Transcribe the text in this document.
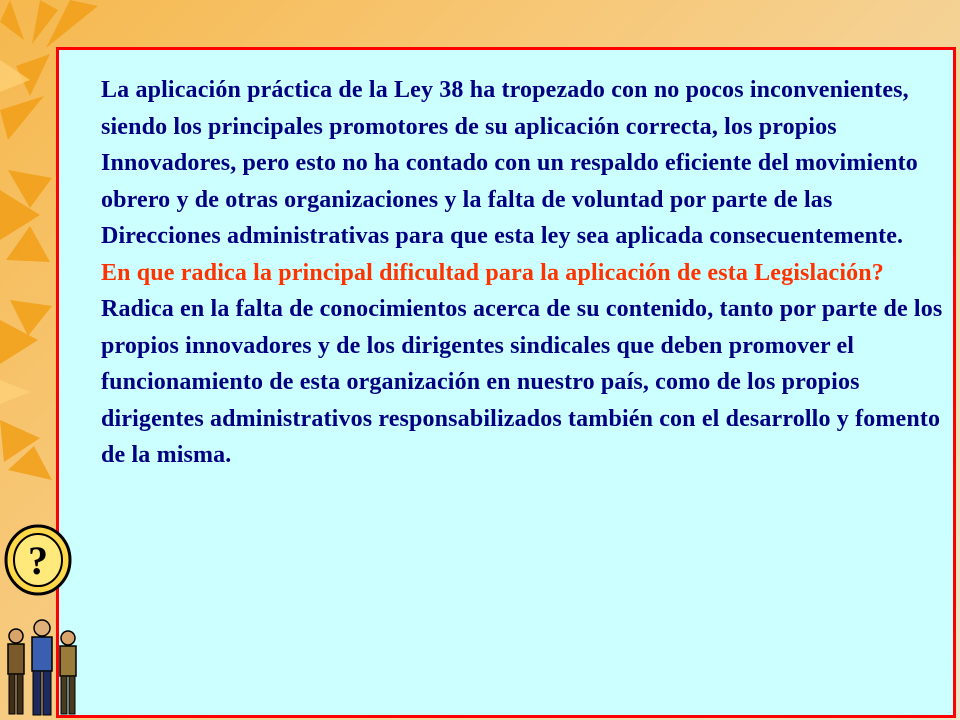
La aplicación práctica de la Ley 38 ha tropezado con no pocos inconvenientes, siendo los principales promotores de su aplicación correcta, los propios Innovadores, pero esto no ha contado con un respaldo eficiente del movimiento obrero y de otras organizaciones y la falta de voluntad por parte de las Direcciones administrativas para que esta ley sea aplicada consecuentemente.

En que radica la principal dificultad para la aplicación de esta Legislación?

Radica en la falta de conocimientos acerca de su contenido, tanto por parte de los propios innovadores y de los dirigentes sindicales que deben promover el funcionamiento de esta organización en nuestro país, como de los propios dirigentes administrativos responsabilizados también con el desarrollo y fomento de la misma.

?
